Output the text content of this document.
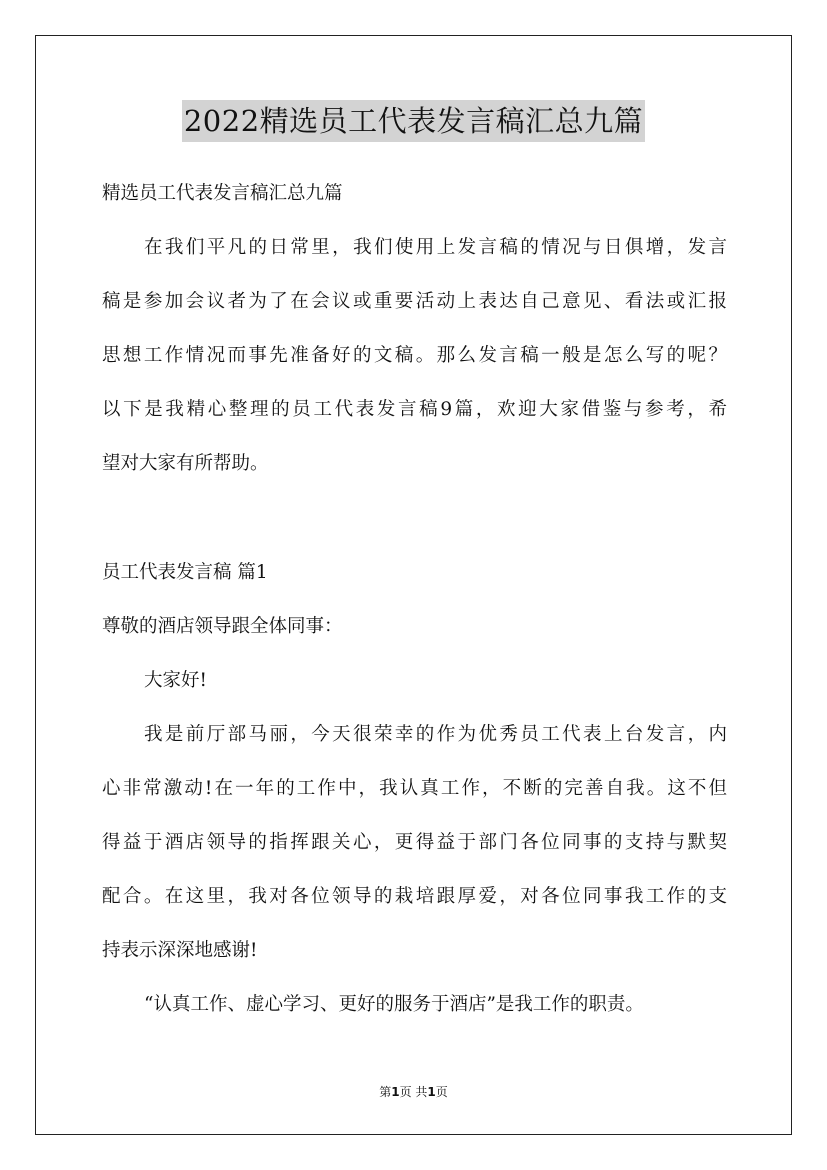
2022精选员工代表发言稿汇总九篇
精选员工代表发言稿汇总九篇
在我们平凡的日常里，我们使用上发言稿的情况与日俱增，发言
稿是参加会议者为了在会议或重要活动上表达自己意见、看法或汇报
思想工作情况而事先准备好的文稿。那么发言稿一般是怎么写的呢？
以下是我精心整理的员工代表发言稿9篇，欢迎大家借鉴与参考，希
望对大家有所帮助。
员工代表发言稿 篇1
尊敬的酒店领导跟全体同事：
大家好!
我是前厅部马丽，今天很荣幸的作为优秀员工代表上台发言，内
心非常激动!在一年的工作中，我认真工作，不断的完善自我。这不但
得益于酒店领导的指挥跟关心，更得益于部门各位同事的支持与默契
配合。在这里，我对各位领导的栽培跟厚爱，对各位同事我工作的支
持表示深深地感谢!
“认真工作、虚心学习、更好的服务于酒店”是我工作的职责。
第1页 共1页
